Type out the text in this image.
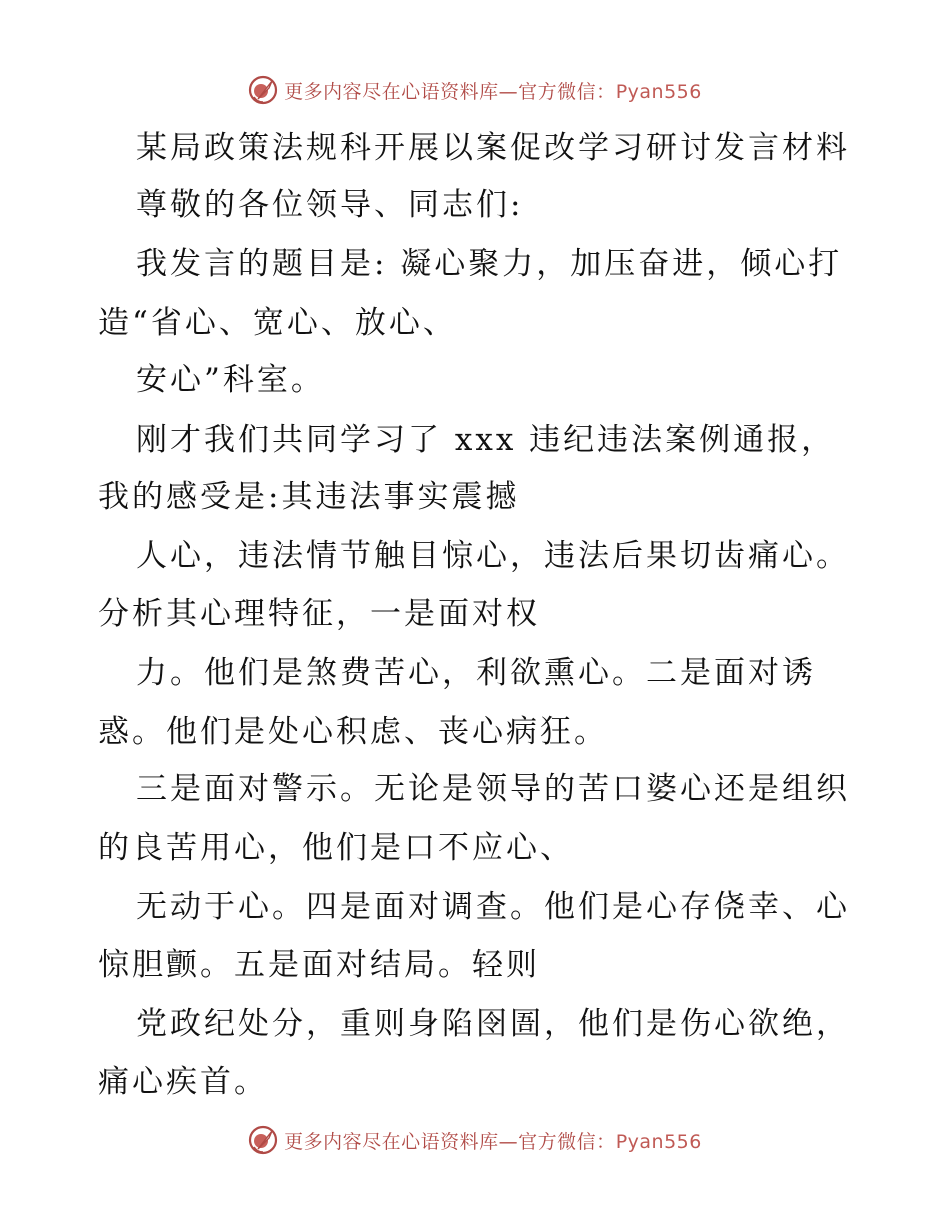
更多内容尽在心语资料库—官方微信：Pyan556
某局政策法规科开展以案促改学习研讨发言材料
尊敬的各位领导、同志们:
我发言的题目是: 凝心聚力，加压奋进，倾心打
造“省心、宽心、放心、
安心”科室。
刚才我们共同学习了 xxx 违纪违法案例通报，
我的感受是:其违法事实震撼
人心，违法情节触目惊心，违法后果切齿痛心。
分析其心理特征，一是面对权
力。他们是煞费苦心，利欲熏心。二是面对诱
惑。他们是处心积虑、丧心病狂。
三是面对警示。无论是领导的苦口婆心还是组织
的良苦用心，他们是口不应心、
无动于心。四是面对调查。他们是心存侥幸、心
惊胆颤。五是面对结局。轻则
党政纪处分，重则身陷囹圄，他们是伤心欲绝，
痛心疾首。
更多内容尽在心语资料库—官方微信：Pyan556
